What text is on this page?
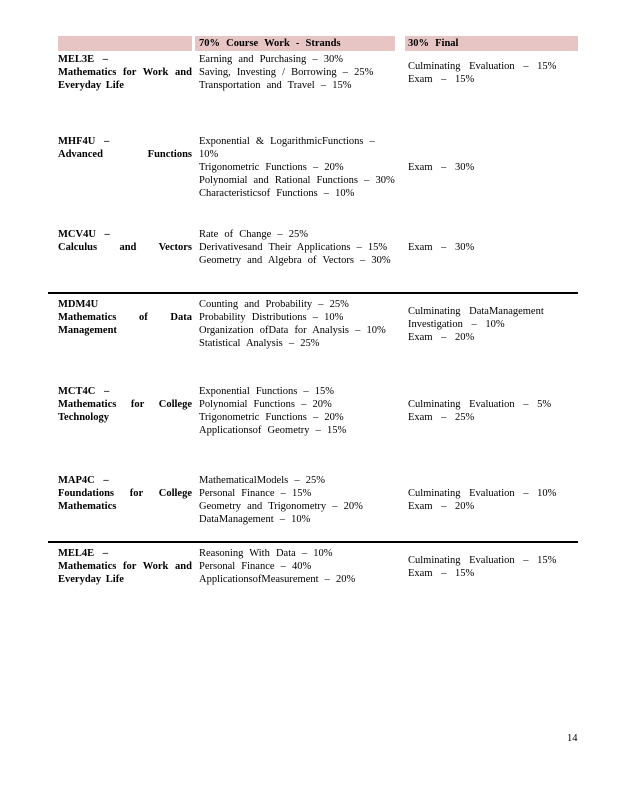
70% Course Work - Strands	30% Final
MEL3E –
Mathematics for Work and Everyday Life
Earning and Purchasing – 30%
Saving, Investing / Borrowing – 25%
Transportation and Travel – 15%
Culminating Evaluation – 15%
Exam – 15%
MHF4U –
Advanced Functions
Exponential & LogarithmicFunctions – 10%
Trigonometric Functions – 20%
Polynomial and Rational Functions – 30%
Characteristicsof Functions – 10%
Exam – 30%
MCV4U –
Calculus and Vectors
Rate of Change – 25%
Derivativesand Their Applications – 15%
Geometry and Algebra of Vectors – 30%
Exam – 30%
MDM4U
Mathematics of Data Management
Counting and Probability – 25%
Probability Distributions – 10%
Organization ofData for Analysis – 10%
Statistical Analysis – 25%
Culminating DataManagement
Investigation – 10%
Exam – 20%
MCT4C –
Mathematics for College Technology
Exponential Functions – 15%
Polynomial Functions – 20%
Trigonometric Functions – 20%
Applicationsof Geometry – 15%
Culminating Evaluation – 5%
Exam – 25%
MAP4C –
Foundations for College Mathematics
MathematicalModels – 25%
Personal Finance – 15%
Geometry and Trigonometry – 20%
DataManagement – 10%
Culminating Evaluation – 10%
Exam – 20%
MEL4E –
Mathematics for Work and Everyday Life
Reasoning With Data – 10%
Personal Finance – 40%
ApplicationsofMeasurement – 20%
Culminating Evaluation – 15%
Exam – 15%
14
